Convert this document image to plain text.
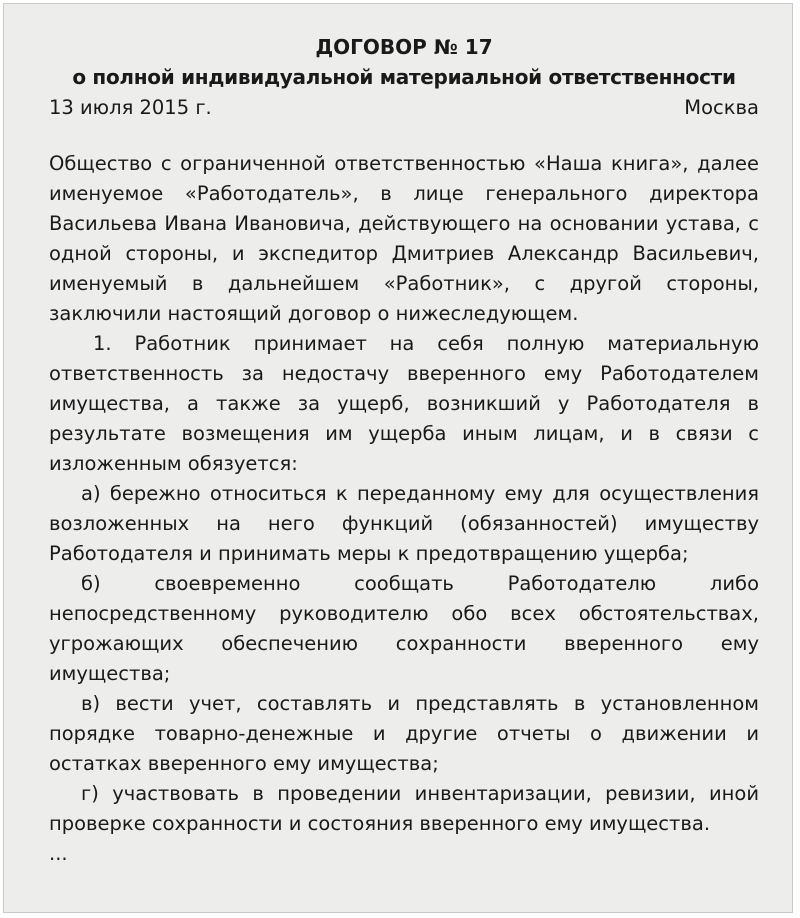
ДОГОВОР № 17

о полной индивидуальной материальной ответственности

13 июля 2015 г.	Москва

Общество с ограниченной ответственностью «Наша книга», далее именуемое «Работодатель», в лице генерального директора Васильева Ивана Ивановича, действующего на основании устава, с одной стороны, и экспедитор Дмитриев Александр Васильевич, именуемый в дальнейшем «Работник», с другой стороны, заключили настоящий договор о нижеследующем.

1. Работник принимает на себя полную материальную ответственность за недостачу вверенного ему Работодателем имущества, а также за ущерб, возникший у Работодателя в результате возмещения им ущерба иным лицам, и в связи с изложенным обязуется:

а) бережно относиться к переданному ему для осуществления возложенных на него функций (обязанностей) имуществу Работодателя и принимать меры к предотвращению ущерба;

б) своевременно сообщать Работодателю либо непосредственному руководителю обо всех обстоятельствах, угрожающих обеспечению сохранности вверенного ему имущества;

в) вести учет, составлять и представлять в установленном порядке товарно-денежные и другие отчеты о движении и остатках вверенного ему имущества;

г) участвовать в проведении инвентаризации, ревизии, иной проверке сохранности и состояния вверенного ему имущества.

...
